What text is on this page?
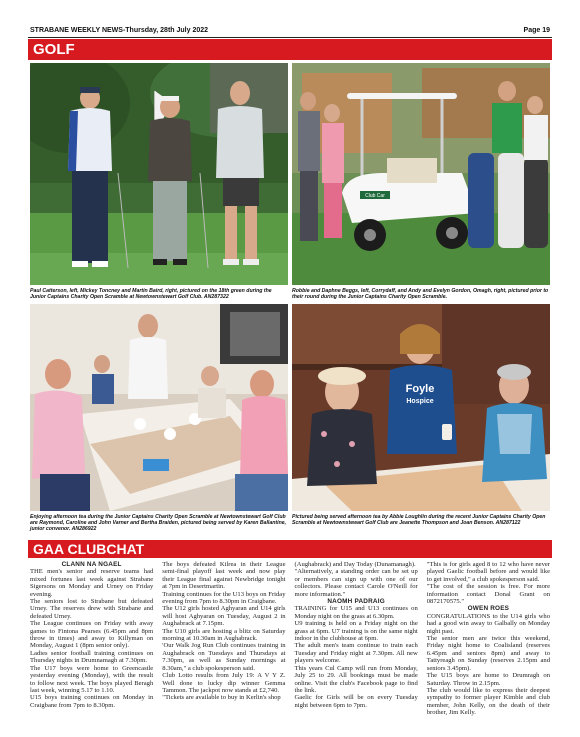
STRABANE WEEKLY NEWS-Thursday, 28th July 2022	Page 19
GOLF
Paul Catterson, left, Mickey Toncney and Martin Baird, right, pictured on the 18th green during the Junior Captains Charity Open Scramble at Newtownstewart Golf Club. AN287322
Club Car
Robbie and Daphne Beggs, left, Corrydaff, and Andy and Evelyn Gordon, Omagh, right, pictured prior to their round during the Junior Captains Charity Open Scramble.
Enjoying afternoon tea during the Junior Captains Charity Open Scramble at Newtownstewart Golf Club are Raymond, Caroline and John Varner and Bertha Braiden, pictured being served by Karen Ballantine, junior convenor. AN286922
Foyle
Hospice
Pictured being served afternoon tea by Abbie Loughlin during the recent Junior Captains Charity Open Scramble at Newtownstewart Golf Club are Jeanette Thompson and Joan Benson. AN287122
GAA CLUBCHAT

CLANN NA NGAEL

THE men's senior and reserve teams had mixed fortunes last week against Strabane Sigersons on Monday and Urney on Friday evening.

The seniors lost to Strabane but defeated Urney. The reserves drew with Strabane and defeated Urney.

The League continues on Friday with away games to Fintona Pearses (6.45pm and 8pm throw in times) and away to Killyman on Monday, August 1 (8pm senior only).

Ladies senior football training continues on Thursday nights in Drumnamagh at 7.30pm.

The U17 boys were home to Greencastle yesterday evening (Monday), with the result to follow next week. The boys played Beragh last week, winning 5.17 to 1.10.

U15 boys training continues on Monday in Craigbane from 7pm to 8.30pm.

The boys defeated Kilrea in their League semi-final playoff last week and now play their League final against Newbridge tonight at 7pm in Desertmartin.

Training continues for the U13 boys on Friday evening from 7pm to 8.30pm in Craigbane.

The U12 girls hosted Aghyaran and U14 girls will host Aghyaran on Tuesday, August 2 in Aughabrack at 7.15pm.

The U10 girls are hosting a blitz on Saturday morning at 10.30am in Aughabrack.

'Our Walk Jog Run Club continues training in Aughabrack on Tuesdays and Thursdays at 7.30pm, as well as Sunday mornings at 8.30am," a club spokesperson said.

Club Lotto results from July 19: A V Y Z. Well done to lucky dip winner Gemma Tammon. The jackpot now stands at £2,740.

"Tickets are available to buy in Kerlin's shop

(Aughabrack) and Day Today (Dunamanagh).

"Alternatively, a standing order can be set up or members can sign up with one of our collectors. Please contact Carole O'Neill for more information."

NAOMH PADRAIG

TRAINING for U15 and U13 continues on Monday night on the grass at 6.30pm.

U9 training is held on a Friday night on the grass at 6pm. U7 training is on the same night indoor in the clubhouse at 6pm.

The adult men's team continue to train each Tuesday and Friday night at 7.30pm. All new players welcome.

This years Cul Camp will run from Monday, July 25 to 29. All bookings must be made online. Visit the club's Facebook page to find the link.

Gaelic for Girls will be on every Tuesday night between 6pm to 7pm.

"This is for girls aged 8 to 12 who have never played Gaelic football before and would like to get involved," a club spokesperson said.

"The cost of the session is free. For more information contact Donal Grant on 0872170575."

OWEN ROES

CONGRATULATIONS to the U14 girls who had a good win away to Galbally on Monday night past.

The senior men are twice this weekend, Friday night home to Coalisland (reserves 6.45pm and seniors 8pm) and away to Tattyreagh on Sunday (reserves 2.15pm and seniors 3.45pm).

The U15 boys are home to Drumragh on Saturday. Throw in 2.15pm.

The club would like to express their deepest sympathy to former player Kimble and club member, John Kelly, on the death of their brother, Jim Kelly.
